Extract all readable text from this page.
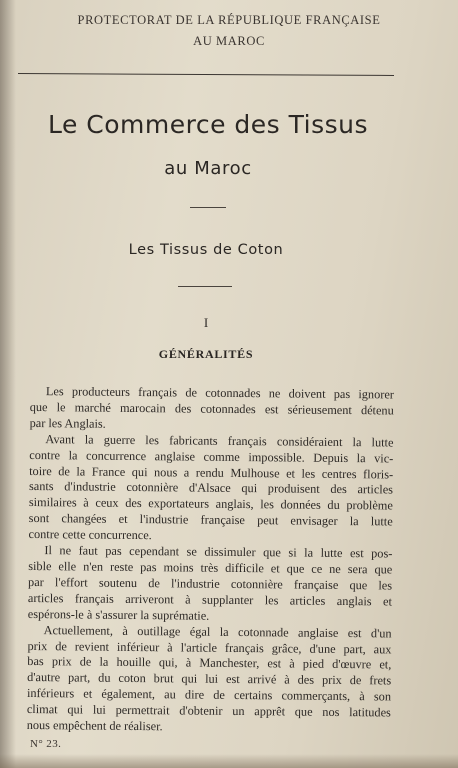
PROTECTORAT DE LA RÉPUBLIQUE FRANÇAISE
AU MAROC
Le Commerce des Tissus
au Maroc
Les Tissus de Coton
I
GÉNÉRALITÉS
Les producteurs français de cotonnades ne doivent pas ignorer
que le marché marocain des cotonnades est sérieusement détenu
par les Anglais.
Avant la guerre les fabricants français considéraient la lutte
contre la concurrence anglaise comme impossible. Depuis la vic-
toire de la France qui nous a rendu Mulhouse et les centres floris-
sants d'industrie cotonnière d'Alsace qui produisent des articles
similaires à ceux des exportateurs anglais, les données du problème
sont changées et l'industrie française peut envisager la lutte
contre cette concurrence.
Il ne faut pas cependant se dissimuler que si la lutte est pos-
sible elle n'en reste pas moins très difficile et que ce ne sera que
par l'effort soutenu de l'industrie cotonnière française que les
articles français arriveront à supplanter les articles anglais et
espérons-le à s'assurer la suprématie.
Actuellement, à outillage égal la cotonnade anglaise est d'un
prix de revient inférieur à l'article français grâce, d'une part, aux
bas prix de la houille qui, à Manchester, est à pied d'œuvre et,
d'autre part, du coton brut qui lui est arrivé à des prix de frets
inférieurs et également, au dire de certains commerçants, à son
climat qui lui permettrait d'obtenir un apprêt que nos latitudes
nous empêchent de réaliser.
N° 23.
